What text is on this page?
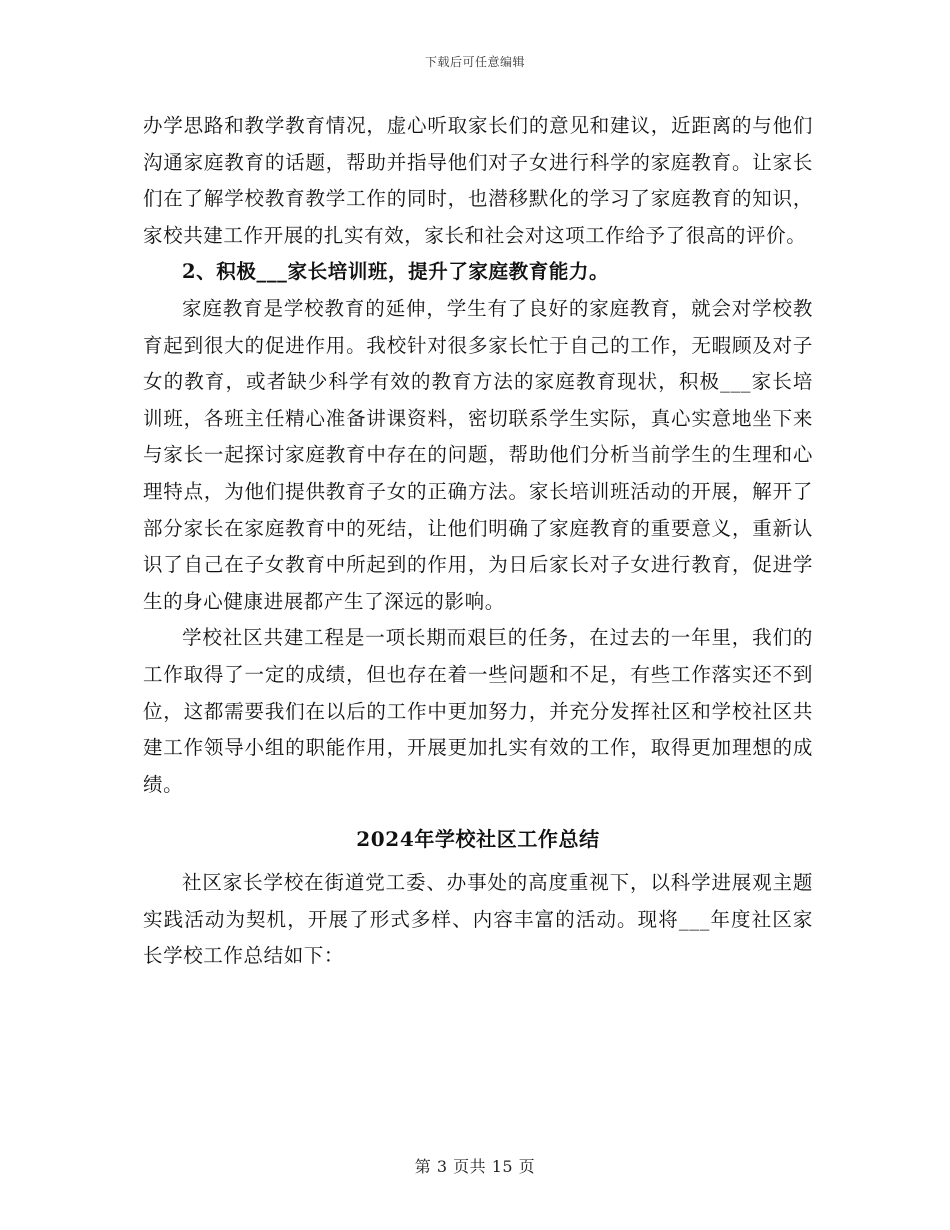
下载后可任意编辑

办学思路和教学教育情况，虚心听取家长们的意见和建议，近距离的与他们沟通家庭教育的话题，帮助并指导他们对子女进行科学的家庭教育。让家长们在了解学校教育教学工作的同时，也潜移默化的学习了家庭教育的知识，家校共建工作开展的扎实有效，家长和社会对这项工作给予了很高的评价。

2、积极___家长培训班，提升了家庭教育能力。

家庭教育是学校教育的延伸，学生有了良好的家庭教育，就会对学校教育起到很大的促进作用。我校针对很多家长忙于自己的工作，无暇顾及对子女的教育，或者缺少科学有效的教育方法的家庭教育现状，积极___家长培训班，各班主任精心准备讲课资料，密切联系学生实际，真心实意地坐下来与家长一起探讨家庭教育中存在的问题，帮助他们分析当前学生的生理和心理特点，为他们提供教育子女的正确方法。家长培训班活动的开展，解开了部分家长在家庭教育中的死结，让他们明确了家庭教育的重要意义，重新认识了自己在子女教育中所起到的作用，为日后家长对子女进行教育，促进学生的身心健康进展都产生了深远的影响。

学校社区共建工程是一项长期而艰巨的任务，在过去的一年里，我们的工作取得了一定的成绩，但也存在着一些问题和不足，有些工作落实还不到位，这都需要我们在以后的工作中更加努力，并充分发挥社区和学校社区共建工作领导小组的职能作用，开展更加扎实有效的工作，取得更加理想的成绩。

2024年学校社区工作总结

社区家长学校在街道党工委、办事处的高度重视下，以科学进展观主题实践活动为契机，开展了形式多样、内容丰富的活动。现将___年度社区家长学校工作总结如下：

第 3 页共 15 页
